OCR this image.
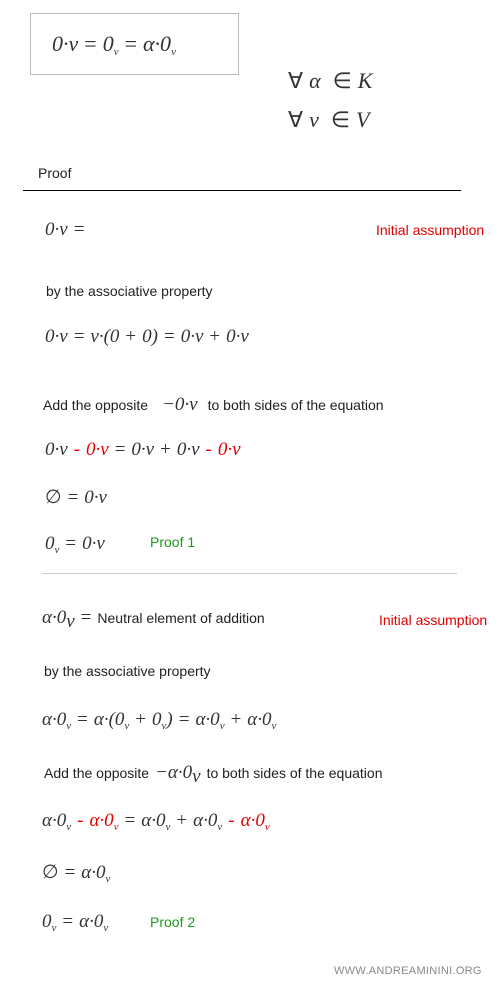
$0\cdot v = 0_v = \alpha\cdot 0_v$
∀ α ∈ K
∀ v ∈ V
Proof
0·v =	Initial assumption
by the associative property
0·v = v·(0 + 0) = 0·v + 0·v
Add the opposite −0·v to both sides of the equation
0·v - 0·v = 0·v + 0·v - 0·v
∅ = 0·v
$0_v = 0\cdot v$	Proof 1
$\alpha\cdot 0_v$ = Neutral element of addition	Initial assumption
by the associative property
$\alpha\cdot 0_v = \alpha\cdot(0_v + 0_v) = \alpha\cdot 0_v + \alpha\cdot 0_v$
Add the opposite $-\alpha\cdot 0_v$ to both sides of the equation
$\alpha\cdot 0_v - \alpha\cdot 0_v = \alpha\cdot 0_v + \alpha\cdot 0_v - \alpha\cdot 0_v$
∅ = $\alpha\cdot 0_v$
$0_v = \alpha\cdot 0_v$	Proof 2
WWW.ANDREAMININI.ORG
